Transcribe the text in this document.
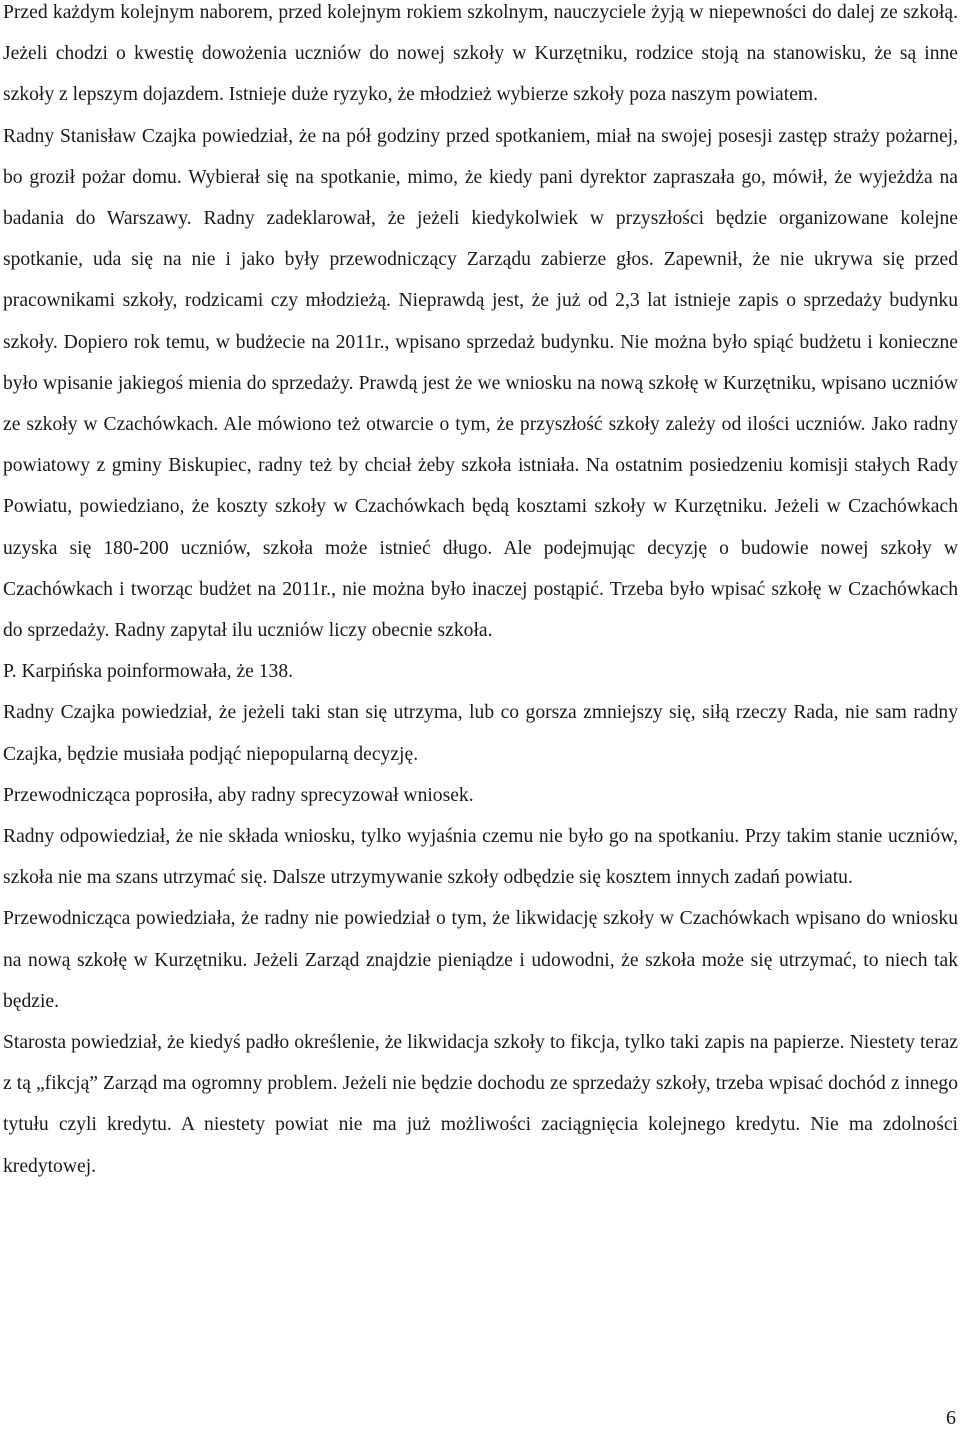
Przed każdym kolejnym naborem, przed kolejnym rokiem szkolnym, nauczyciele żyją w niepewności do dalej ze szkołą. Jeżeli chodzi o kwestię dowożenia uczniów do nowej szkoły w Kurzętniku, rodzice stoją na stanowisku, że są inne szkoły z lepszym dojazdem. Istnieje duże ryzyko, że młodzież wybierze szkoły poza naszym powiatem.

Radny Stanisław Czajka powiedział, że na pół godziny przed spotkaniem, miał na swojej posesji zastęp straży pożarnej, bo groził pożar domu. Wybierał się na spotkanie, mimo, że kiedy pani dyrektor zapraszała go, mówił, że wyjeżdża na badania do Warszawy. Radny zadeklarował, że jeżeli kiedykolwiek w przyszłości będzie organizowane kolejne spotkanie, uda się na nie i jako były przewodniczący Zarządu zabierze głos. Zapewnił, że nie ukrywa się przed pracownikami szkoły, rodzicami czy młodzieżą. Nieprawdą jest, że już od 2,3 lat istnieje zapis o sprzedaży budynku szkoły. Dopiero rok temu, w budżecie na 2011r., wpisano sprzedaż budynku. Nie można było spiąć budżetu i konieczne było wpisanie jakiegoś mienia do sprzedaży. Prawdą jest że we wniosku na nową szkołę w Kurzętniku, wpisano uczniów ze szkoły w Czachówkach. Ale mówiono też otwarcie o tym, że przyszłość szkoły zależy od ilości uczniów. Jako radny powiatowy z gminy Biskupiec, radny też by chciał żeby szkoła istniała. Na ostatnim posiedzeniu komisji stałych Rady Powiatu, powiedziano, że koszty szkoły w Czachówkach będą kosztami szkoły w Kurzętniku. Jeżeli w Czachówkach uzyska się 180-200 uczniów, szkoła może istnieć długo. Ale podejmując decyzję o budowie nowej szkoły w Czachówkach i tworząc budżet na 2011r., nie można było inaczej postąpić. Trzeba było wpisać szkołę w Czachówkach do sprzedaży. Radny zapytał ilu uczniów liczy obecnie szkoła.

P. Karpińska poinformowała, że 138.

Radny Czajka powiedział, że jeżeli taki stan się utrzyma, lub co gorsza zmniejszy się, siłą rzeczy Rada, nie sam radny Czajka, będzie musiała podjąć niepopularną decyzję.

Przewodnicząca poprosiła, aby radny sprecyzował wniosek.

Radny odpowiedział, że nie składa wniosku, tylko wyjaśnia czemu nie było go na spotkaniu. Przy takim stanie uczniów, szkoła nie ma szans utrzymać się. Dalsze utrzymywanie szkoły odbędzie się kosztem innych zadań powiatu.

Przewodnicząca powiedziała, że radny nie powiedział o tym, że likwidację szkoły w Czachówkach wpisano do wniosku na nową szkołę w Kurzętniku. Jeżeli Zarząd znajdzie pieniądze i udowodni, że szkoła może się utrzymać, to niech tak będzie.

Starosta powiedział, że kiedyś padło określenie, że likwidacja szkoły to fikcja, tylko taki zapis na papierze. Niestety teraz z tą „fikcją” Zarząd ma ogromny problem. Jeżeli nie będzie dochodu ze sprzedaży szkoły, trzeba wpisać dochód z innego tytułu czyli kredytu. A niestety powiat nie ma już możliwości zaciągnięcia kolejnego kredytu. Nie ma zdolności kredytowej.

6
